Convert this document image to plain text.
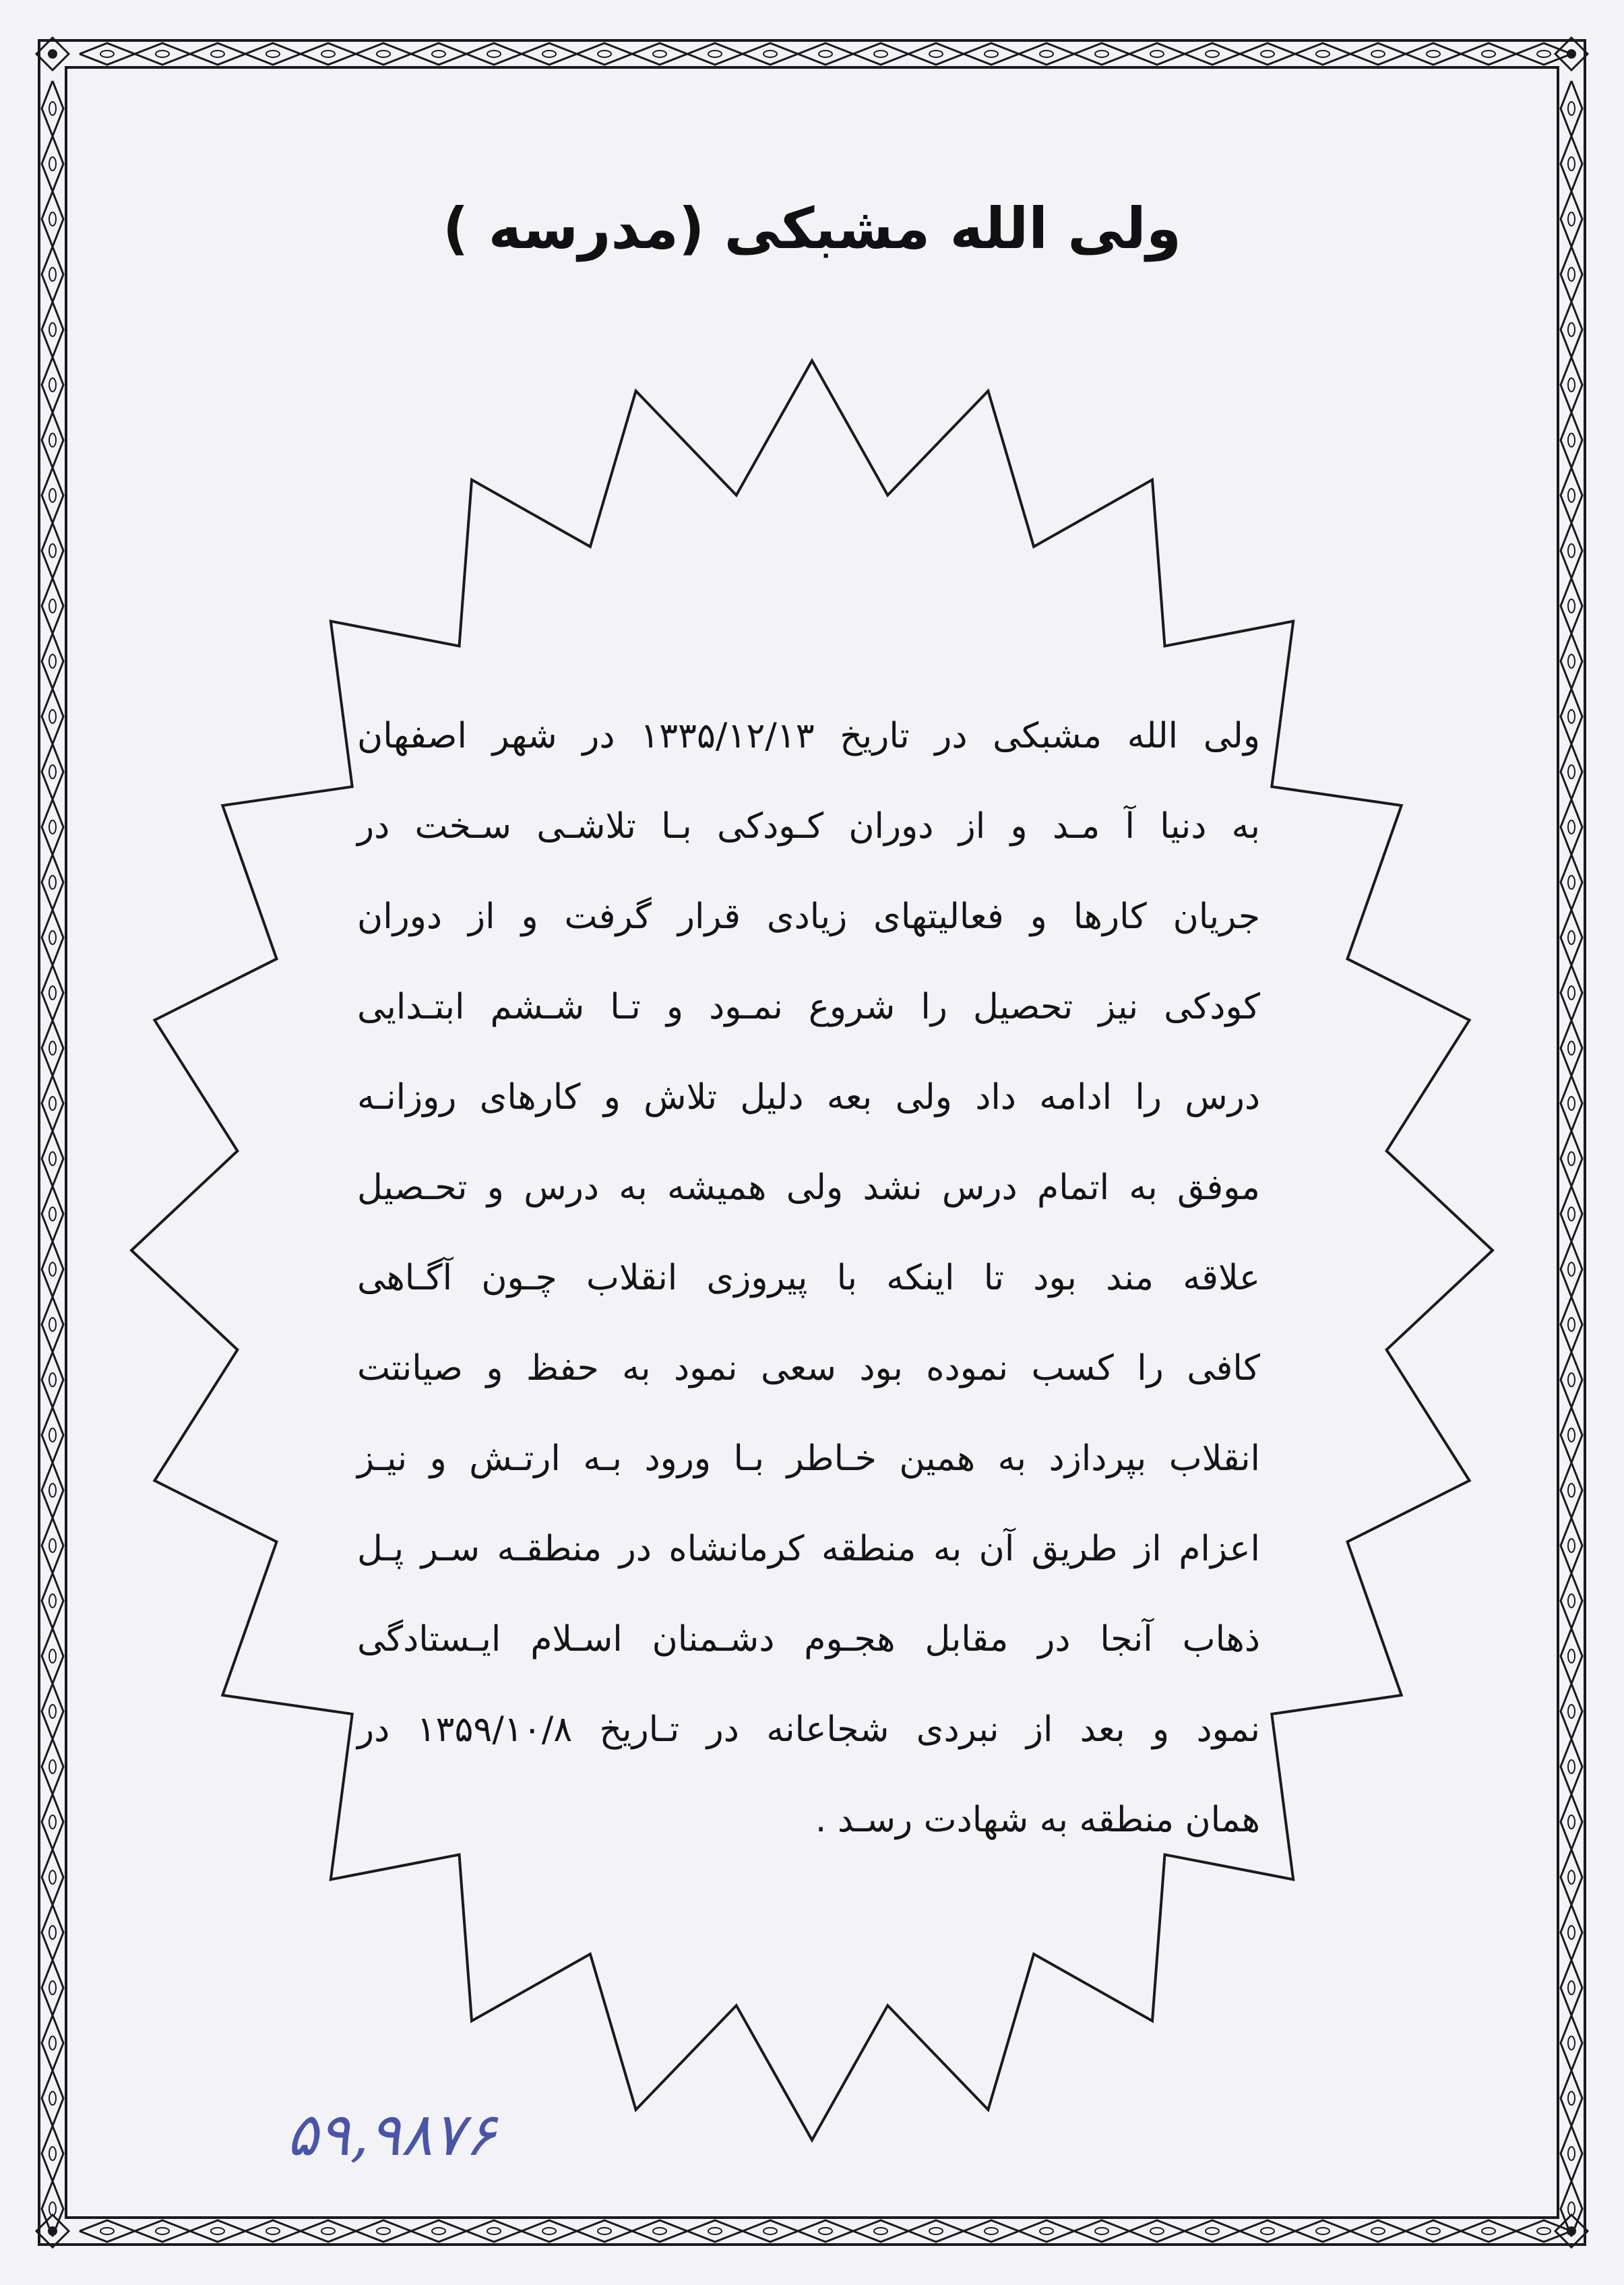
ولی الله مشبکی (مدرسه )
ولی الله مشبکی در تاریخ ۱۳۳۵/۱۲/۱۳ در شهر اصفهان
به دنیا آ مـد و از دوران کـودکی بـا تلاشـی سـخت در
جریان کارها و فعالیتهای زیادی قرار گرفت و از دوران
کودکی نیز تحصیل را شروع نمـود و تـا شـشم ابتـدایی
درس را ادامه داد ولی بعه دلیل تلاش و کارهای روزانـه
موفق به اتمام درس نشد ولی همیشه به درس و تحـصیل
علاقه مند بود تا اینکه با پیروزی انقلاب چـون آگـاهی
کافی را کسب نموده بود سعی نمود به حفظ و صیانتت
انقلاب بپردازد به همین خـاطر بـا ورود بـه ارتـش و نیـز
اعزام از طریق آن به منطقه کرمانشاه در منطقـه سـر پـل
ذهاب آنجا در مقابل هجـوم دشـمنان اسـلام ایـستادگی
نمود و بعد از نبردی شجاعانه در تـاریخ ۱۳۵۹/۱۰/۸ در
همان منطقه به شهادت رسـد .
۵۹,۹۸۷۶
